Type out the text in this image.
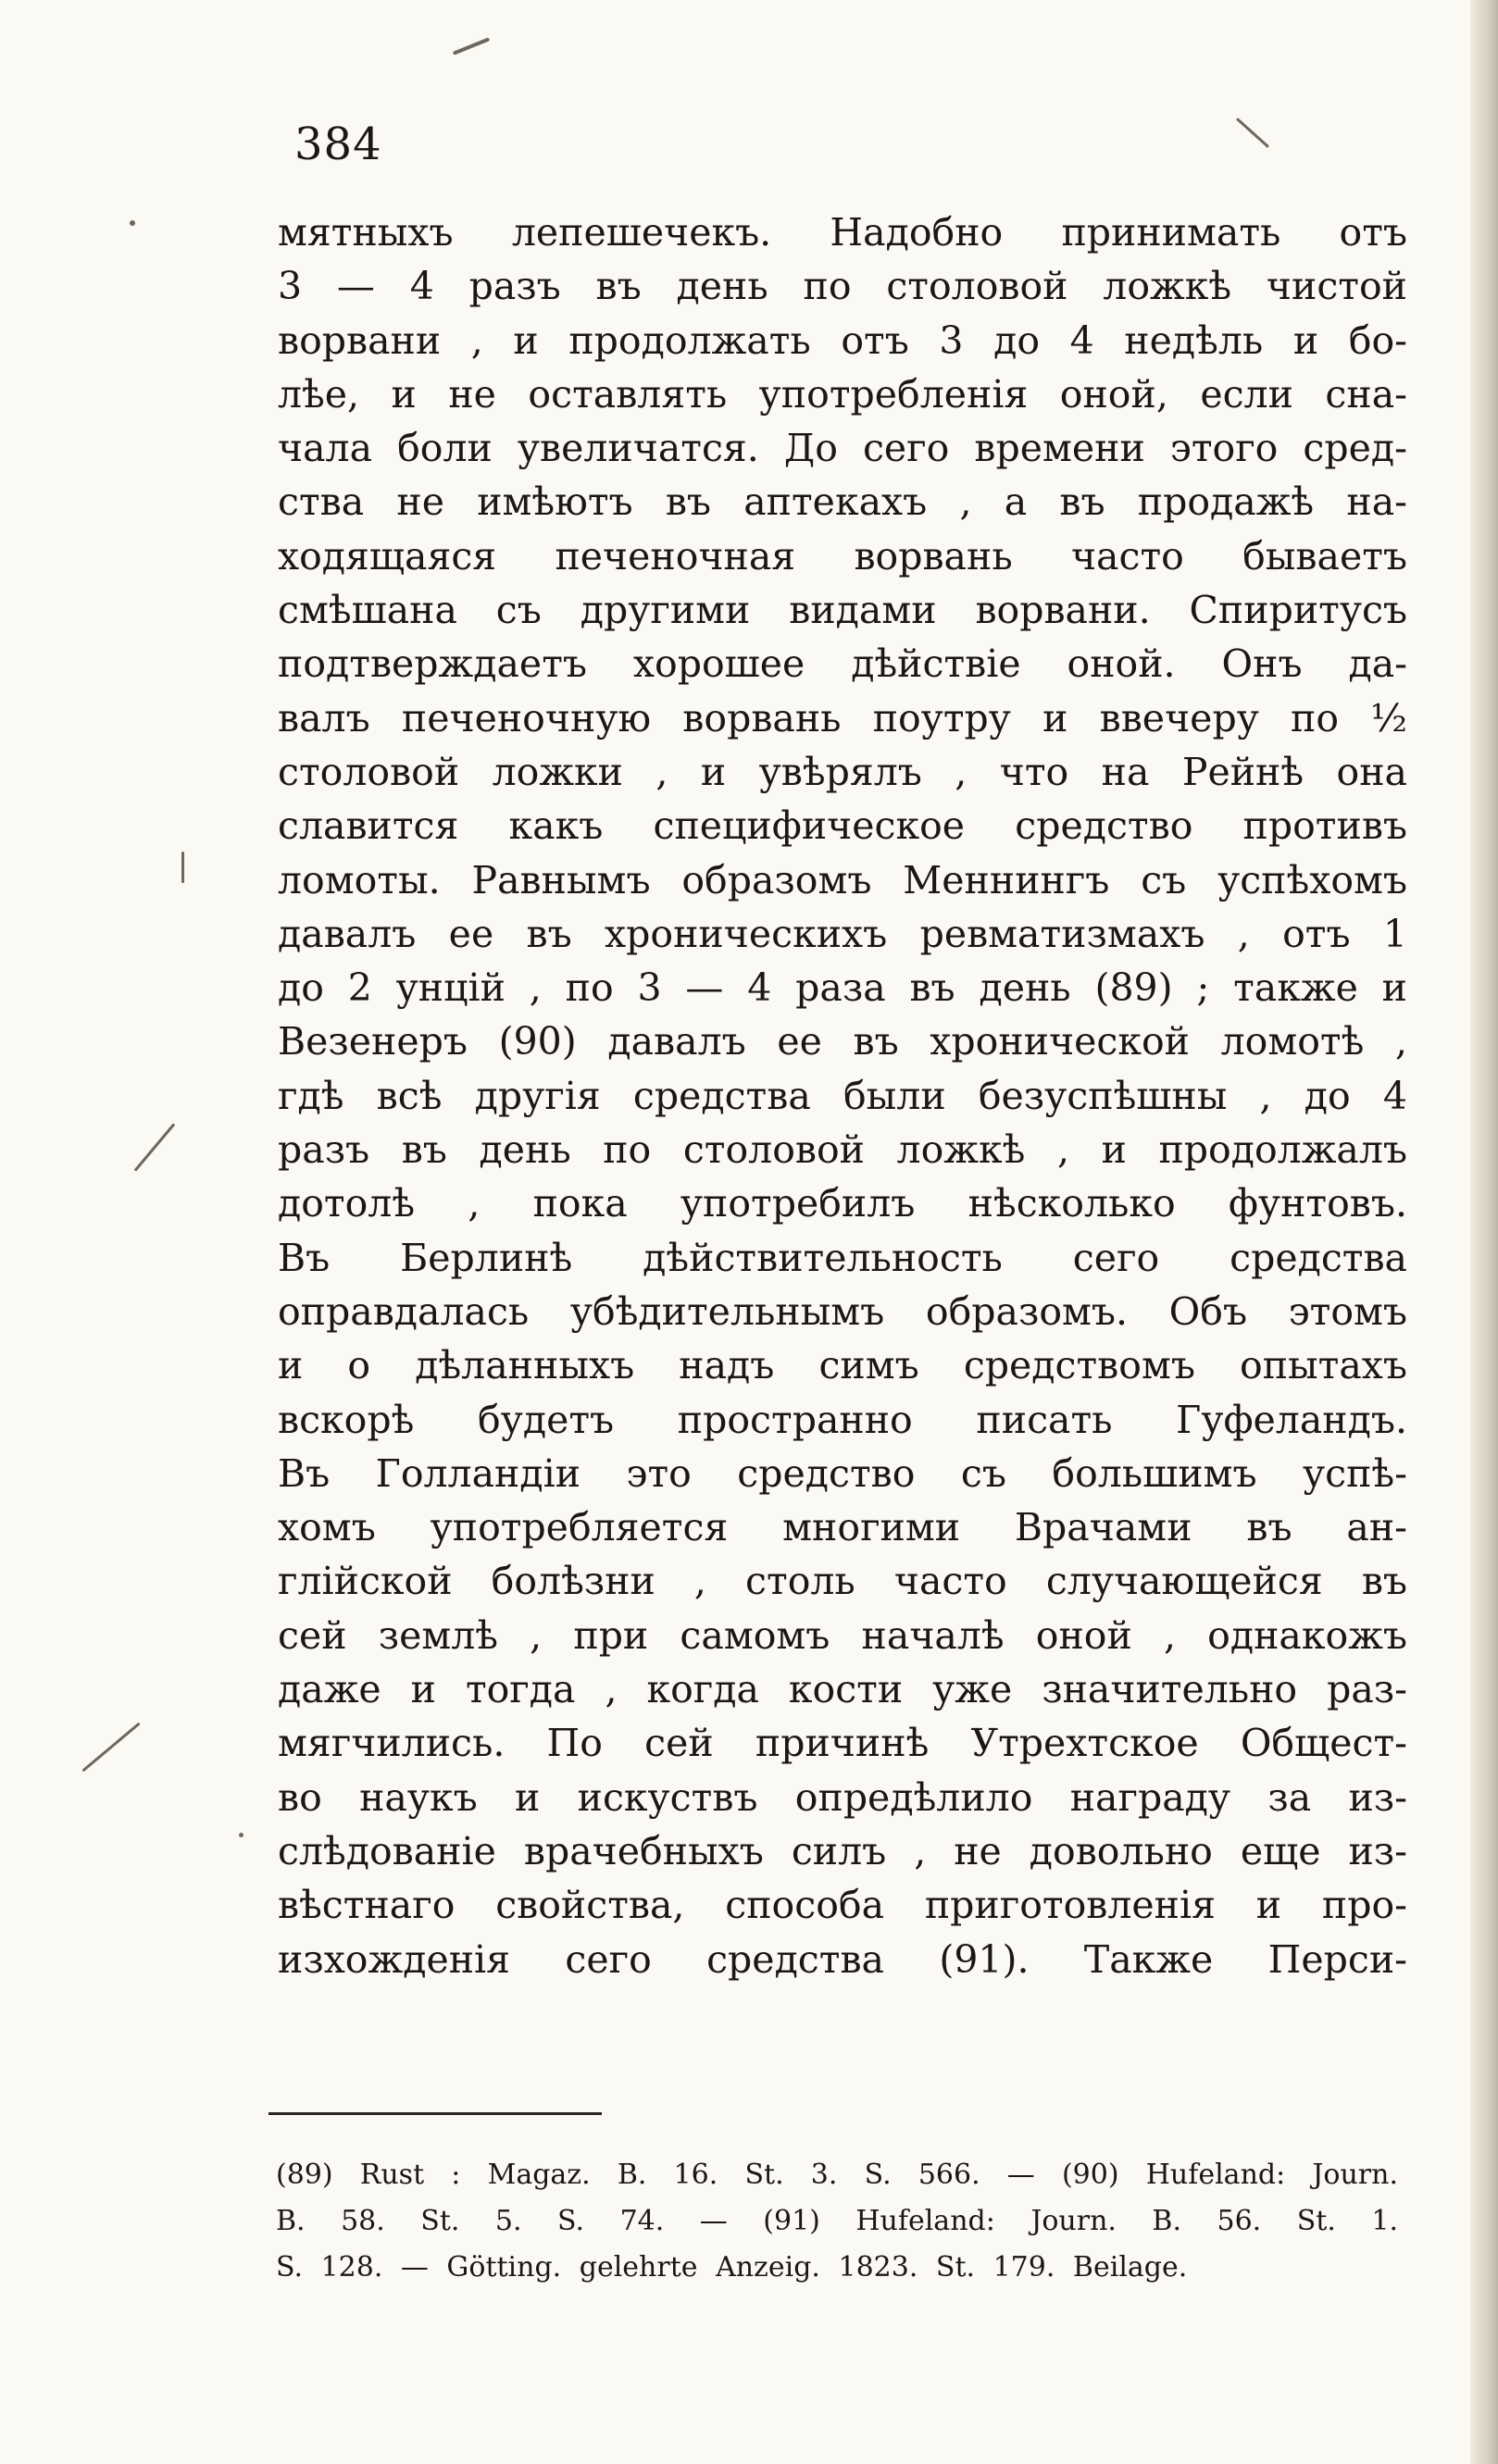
384
мятныхъ лепешечекъ. Надобно принимать отъ
3 — 4 разъ въ день по столовой ложкѣ чистой
ворвани , и продолжать отъ 3 до 4 недѣль и бо-
лѣе, и не оставлять употребленія оной, если сна-
чала боли увеличатся. До сего времени этого сред-
ства не имѣютъ въ аптекахъ , а въ продажѣ на-
ходящаяся печеночная ворвань часто бываетъ
смѣшана съ другими видами ворвани. Спиритусъ
подтверждаетъ хорошее дѣйствіе оной. Онъ да-
валъ печеночную ворвань поутру и ввечеру по ½
столовой ложки , и увѣрялъ , что на Рейнѣ она
славится какъ специфическое средство противъ
ломоты. Равнымъ образомъ Меннингъ съ успѣхомъ
давалъ ее въ хроническихъ ревматизмахъ , отъ 1
до 2 унцій , по 3 — 4 раза въ день (89) ; также и
Везенеръ (90) давалъ ее въ хронической ломотѣ ,
гдѣ всѣ другія средства были безуспѣшны , до 4
разъ въ день по столовой ложкѣ , и продолжалъ
дотолѣ , пока употребилъ нѣсколько фунтовъ.
Въ Берлинѣ дѣйствительность сего средства
оправдалась убѣдительнымъ образомъ. Объ этомъ
и о дѣланныхъ надъ симъ средствомъ опытахъ
вскорѣ будетъ пространно писать Гуфеландъ.
Въ Голландіи это средство съ большимъ успѣ-
хомъ употребляется многими Врачами въ ан-
глійской болѣзни , столь часто случающейся въ
сей землѣ , при самомъ началѣ оной , однакожъ
даже и тогда , когда кости уже значительно раз-
мягчились. По сей причинѣ Утрехтское Общест-
во наукъ и искуствъ опредѣлило награду за из-
слѣдованіе врачебныхъ силъ , не довольно еще из-
вѣстнаго свойства, способа приготовленія и про-
изхожденія сего средства (91). Также Перси-
(89) Rust : Magaz. B. 16. St. 3. S. 566. — (90) Hufeland: Journ.
B. 58. St. 5. S. 74. — (91) Hufeland: Journ. B. 56. St. 1.
S. 128. — Götting. gelehrte Anzeig. 1823. St. 179. Beilage.
